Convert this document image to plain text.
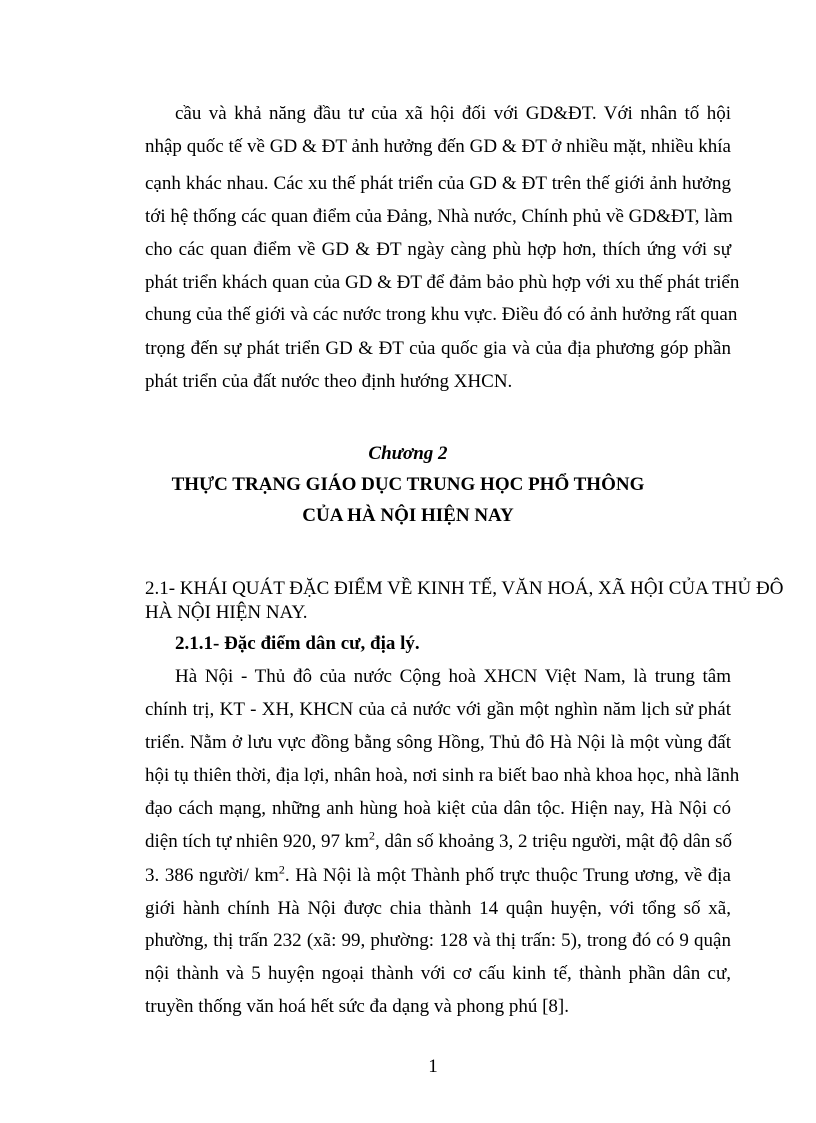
cầu và khả năng đầu tư của xã hội đối với GD&ĐT. Với nhân tố hội
nhập quốc tế về GD & ĐT ảnh hưởng đến GD & ĐT ở nhiều mặt, nhiều khía
cạnh khác nhau. Các xu thế phát triển của GD & ĐT trên thế giới ảnh hưởng
tới hệ thống các quan điểm của Đảng, Nhà nước, Chính phủ về GD&ĐT, làm
cho các quan điểm về GD & ĐT ngày càng phù hợp hơn, thích ứng với sự
phát triển khách quan của GD & ĐT để đảm bảo phù hợp với xu thế phát triển
chung của thế giới và các nước trong khu vực. Điều đó có ảnh hưởng rất quan
trọng đến sự phát triển GD & ĐT của quốc gia và của địa phương góp phần
phát triển của đất nước theo định hướng XHCN.
Chương 2
THỰC TRẠNG GIÁO DỤC TRUNG HỌC PHỔ THÔNG
CỦA HÀ NỘI HIỆN NAY
2.1- KHÁI QUÁT ĐẶC ĐIỂM VỀ KINH TẾ, VĂN HOÁ, XÃ HỘI CỦA THỦ ĐÔ
HÀ NỘI HIỆN NAY.
2.1.1- Đặc điểm dân cư, địa lý.
Hà Nội - Thủ đô của nước Cộng hoà XHCN Việt Nam, là trung tâm
chính trị, KT - XH, KHCN của cả nước với gần một nghìn năm lịch sử phát
triển. Nằm ở lưu vực đồng bằng sông Hồng, Thủ đô Hà Nội là một vùng đất
hội tụ thiên thời, địa lợi, nhân hoà, nơi sinh ra biết bao nhà khoa học, nhà lãnh
đạo cách mạng, những anh hùng hoà kiệt của dân tộc. Hiện nay, Hà Nội có
diện tích tự nhiên 920, 97 $km^2$, dân số khoảng 3, 2 triệu người, mật độ dân số
3. 386 người/ $km^2$. Hà Nội là một Thành phố trực thuộc Trung ương, về địa
giới hành chính Hà Nội được chia thành 14 quận huyện, với tổng số xã,
phường, thị trấn 232 (xã: 99, phường: 128 và thị trấn: 5), trong đó có 9 quận
nội thành và 5 huyện ngoại thành với cơ cấu kinh tế, thành phần dân cư,
truyền thống văn hoá hết sức đa dạng và phong phú [8].
1
